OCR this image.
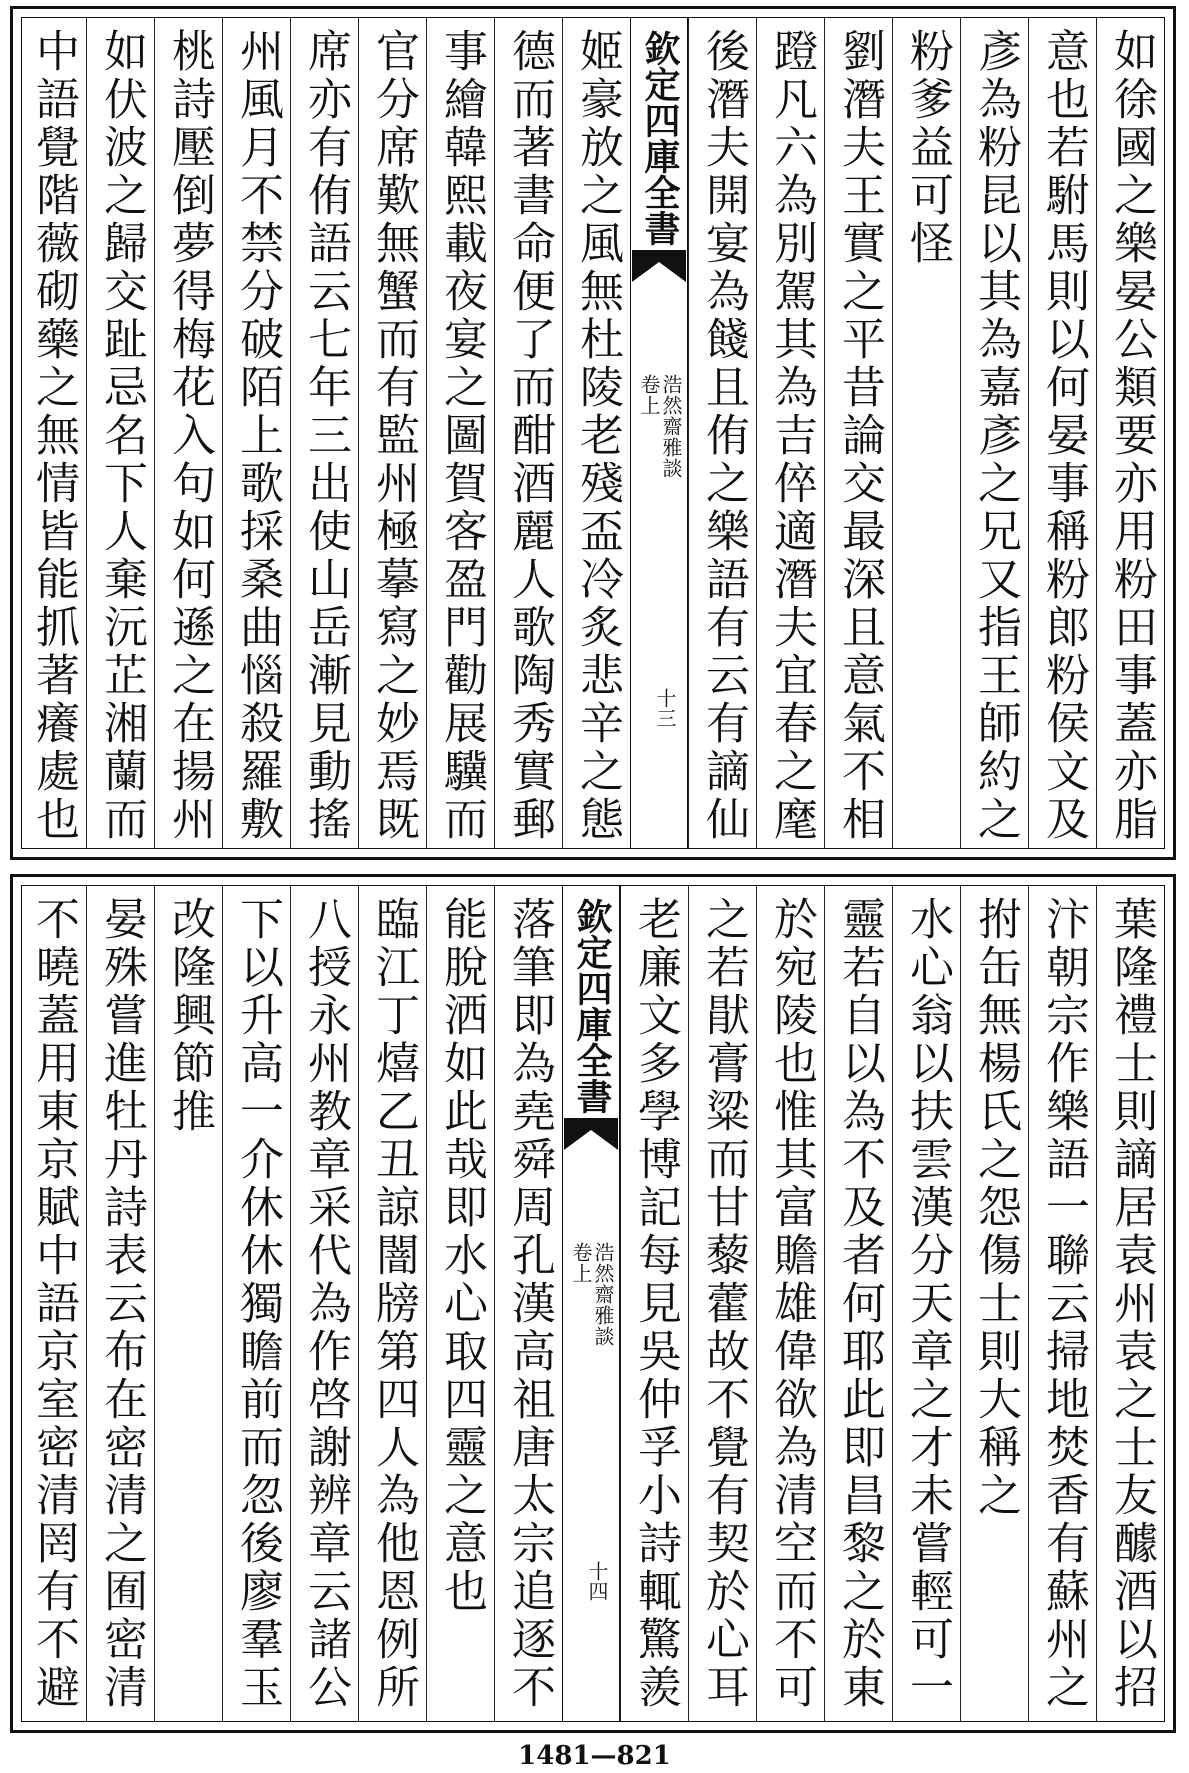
如徐國之樂晏公類要亦用粉田事蓋亦脂
意也若駙馬則以何晏事稱粉郎粉侯文及
彥為粉昆以其為嘉彥之兄又指王師約之
粉爹益可怪
劉潛夫王實之平昔論交最深且意氣不相
蹬凡六為別駕其為吉倅適潛夫宜春之麾
後潛夫開宴為餞且侑之樂語有云有謫仙
欽定四庫全書
浩然齋雅談
卷上
十三
姬豪放之風無杜陵老殘盃冷炙悲辛之態
德而著書命便了而酣酒麗人歌陶秀實郵
事繪韓熙載夜宴之圖賀客盈門勸展驥而
官分席歎無蟹而有監州極摹寫之妙焉既
席亦有侑語云七年三出使山岳漸見動搖
州風月不禁分破陌上歌採桑曲惱殺羅敷
桃詩壓倒夢得梅花入句如何遜之在揚州
如伏波之歸交趾忌名下人棄沅芷湘蘭而
中語覺階薇砌藥之無情皆能抓著癢處也
葉隆禮士則謫居袁州袁之士友醵酒以招
汴朝宗作樂語一聯云掃地焚香有蘇州之
拊缶無楊氏之怨傷士則大稱之
水心翁以扶雲漢分天章之才未嘗輕可一
靈若自以為不及者何耶此即昌黎之於東
於宛陵也惟其富贍雄偉欲為清空而不可
之若猒膏粱而甘藜藿故不覺有契於心耳
老廉文多學博記每見吳仲孚小詩輒驚羨
欽定四庫全書
浩然齋雅談
卷上
十四
落筆即為堯舜周孔漢高祖唐太宗追逐不
能脫洒如此哉即水心取四靈之意也
臨江丁熺乙丑諒闇牓第四人為他恩例所
八授永州教章采代為作啓謝辨章云諸公
下以升高一介休休獨瞻前而忽後廖羣玉
改隆興節推
晏殊嘗進牡丹詩表云布在密清之囿密清
不曉蓋用東京賦中語京室密清罔有不避
1481—821
